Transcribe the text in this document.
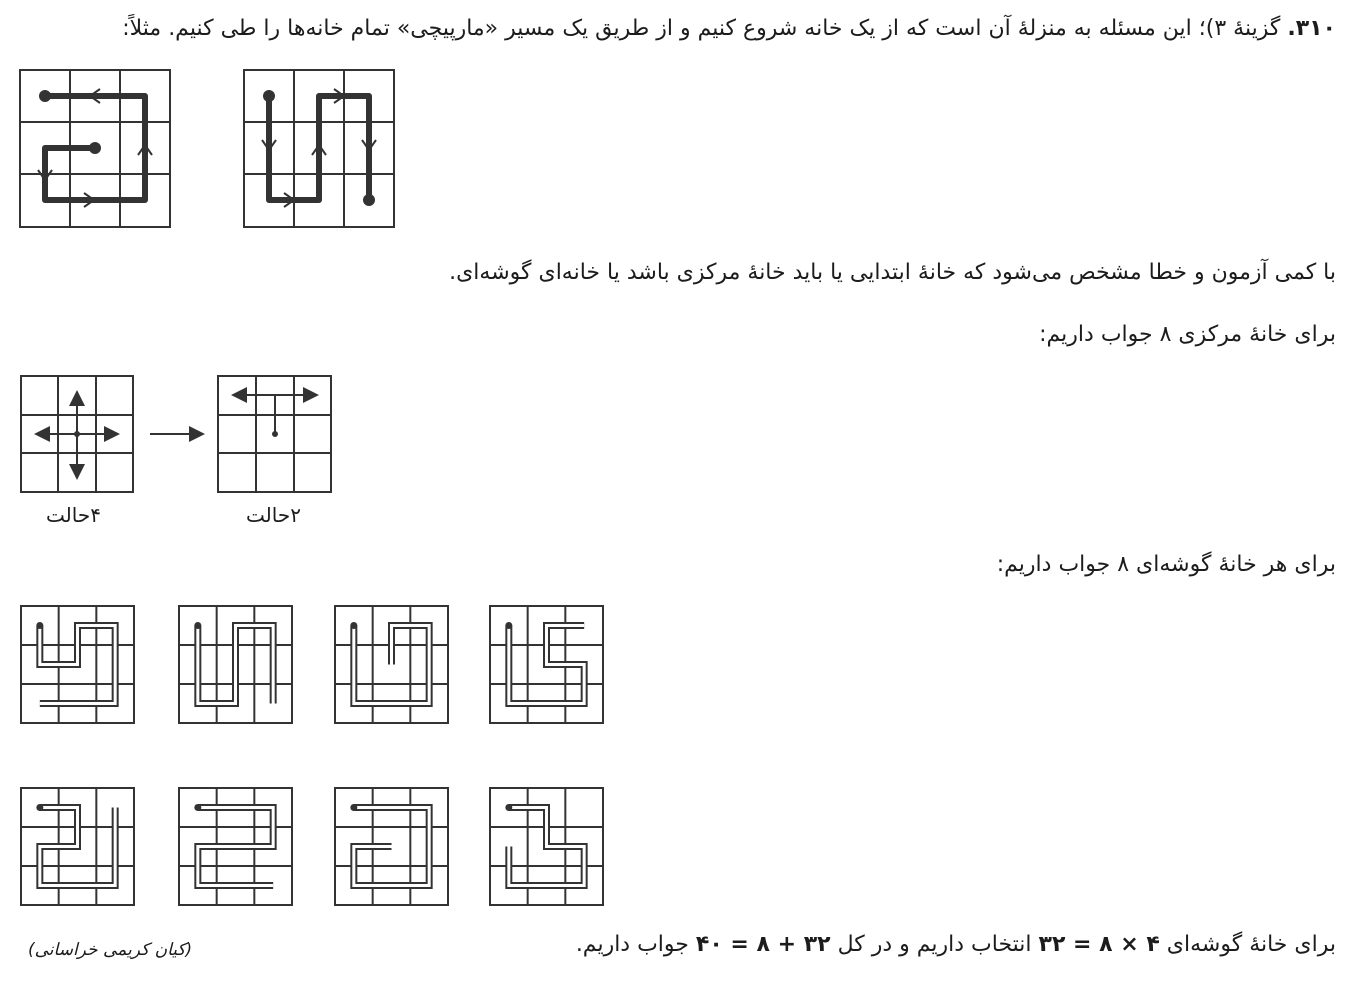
۳۱۰. گزینۀ ۳)؛ این مسئله به منزلۀ آن است که از یک خانه شروع کنیم و از طریق یک مسیر «مارپیچی» تمام خانه‌ها را طی کنیم. مثلاً:
با کمی آزمون و خطا مشخص می‌شود که خانۀ ابتدایی یا باید خانۀ مرکزی باشد یا خانه‌ای گوشه‌ای.
برای خانۀ مرکزی ۸ جواب داریم:
۴حالت	۲حالت
برای هر خانۀ گوشه‌ای ۸ جواب داریم:
برای خانۀ گوشه‌ای ۴ × ۸ = ۳۲ انتخاب داریم و در کل ۳۲ + ۸ = ۴۰ جواب داریم.
(کیان کریمی خراسانی)
